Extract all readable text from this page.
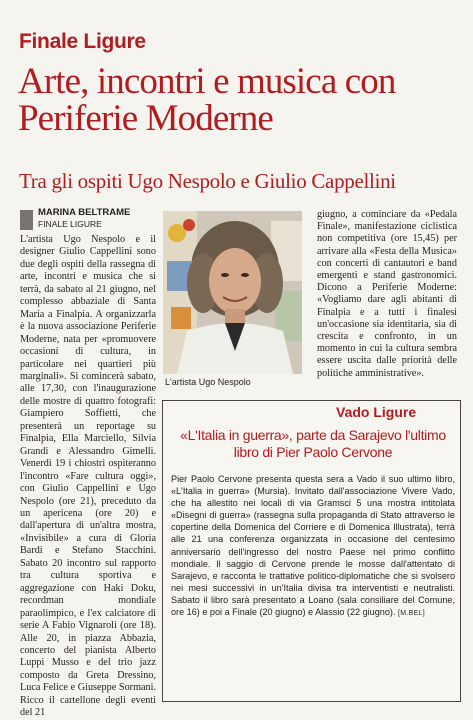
Finale Ligure
Arte, incontri e musica con Periferie Moderne
Tra gli ospiti Ugo Nespolo e Giulio Cappellini
MARINA BELTRAME
FINALE LIGURE

L'artista Ugo Nespolo e il designer Giulio Cappellini sono due degli ospiti della rassegna di arte, incontri e musica che si terrà, da sabato al 21 giugno, nel complesso abbaziale di Santa Maria a Finalpia. A organizzarla è la nuova associazione Periferie Moderne, nata per «promuovere occasioni di cultura, in particolare nei quartieri più marginali». Si comincerà sabato, alle 17,30, con l'inaugurazione delle mostre di quattro fotografi: Giampiero Soffietti, che presenterà un reportage su Finalpia, Ella Marciello, Silvia Grandi e Alessandro Gimelli. Venerdì 19 i chiostri ospiteranno l'incontro «Fare cultura oggi», con Giulio Cappellini e Ugo Nespolo (ore 21), preceduto da un apericena (ore 20) e dall'apertura di un'altra mostra, «Invisibile» a cura di Gloria Bardi e Stefano Stacchini. Sabato 20 incontro sul rapporto tra cultura sportiva e aggregazione con Haki Doku, recordman mondiale paraolimpico, e l'ex calciatore di serie A Fabio Vignaroli (ore 18). Alle 20, in piazza Abbazia, concerto del pianista Alberto Luppi Musso e del trio jazz composto da Greta Dressino, Luca Felice e Giuseppe Sormani. Ricco il cartellone degli eventi del 21

L'artista Ugo Nespolo

giugno, a cominciare da «Pedala Finale», manifestazione ciclistica non competitiva (ore 15,45) per arrivare alla «Festa della Musica» con concerti di cantautori e band emergenti e stand gastronomici. Dicono a Periferie Moderne: «Vogliamo dare agli abitanti di Finalpia e a tutti i finalesi un'occasione sia identitaria, sia di crescita e confronto, in un momento in cui la cultura sembra essere uscita dalle priorità delle politiche amministrative».

Vado Ligure
«L'Italia in guerra», parte da Sarajevo l'ultimo libro di Pier Paolo Cervone

Pier Paolo Cervone presenta questa sera a Vado il suo ultimo libro, «L'Italia in guerra» (Mursia). Invitato dall'associazione Vivere Vado, che ha allestito nei locali di via Gramsci 5 una mostra intitolata «Disegni di guerra» (rassegna sulla propaganda di Stato attraverso le copertine della Domenica del Corriere e di Domenica Illustrata), terrà alle 21 una conferenza organizzata in occasione del centesimo anniversario dell'ingresso del nostro Paese nel primo conflitto mondiale. Il saggio di Cervone prende le mosse dall'attentato di Sarajevo, e racconta le trattative politico-diplomatiche che si svolsero nei mesi successivi in un'Italia divisa tra interventisti e neutralisti. Sabato il libro sarà presentato a Loano (sala consiliare del Comune, ore 16) e poi a Finale (20 giugno) e Alassio (22 giugno). [M.BEL]
